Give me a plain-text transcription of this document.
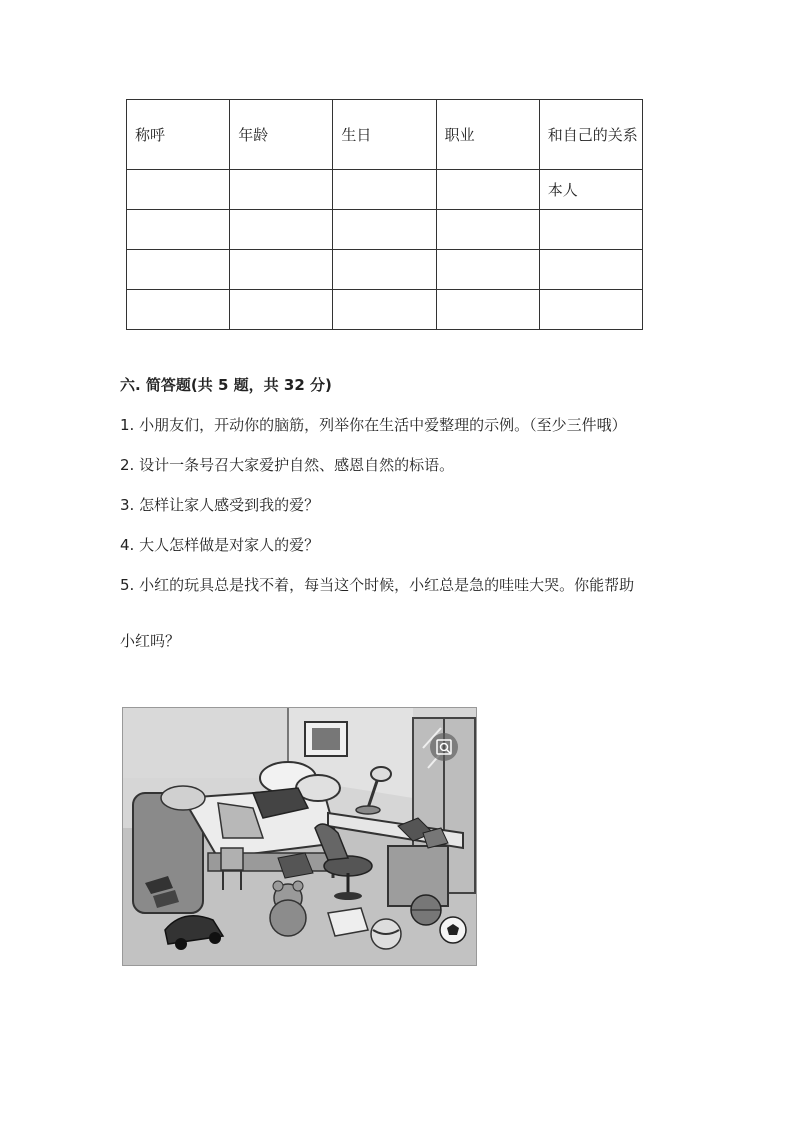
称呼	年龄	生日	职业	和自己的关系
				本人

六. 简答题(共 5 题，共 32 分)
1. 小朋友们，开动你的脑筋，列举你在生活中爱整理的示例。（至少三件哦）
2. 设计一条号召大家爱护自然、感恩自然的标语。
3. 怎样让家人感受到我的爱？
4. 大人怎样做是对家人的爱？
5. 小红的玩具总是找不着，每当这个时候，小红总是急的哇哇大哭。你能帮助
小红吗？
